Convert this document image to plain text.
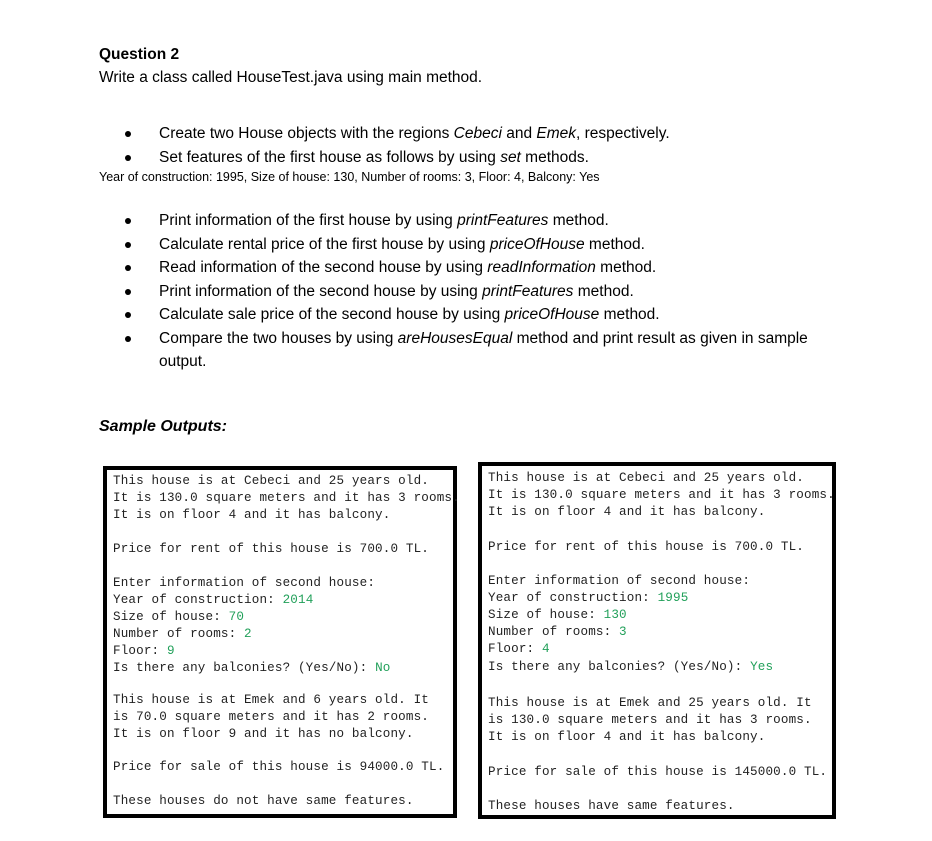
Question 2
Write a class called HouseTest.java using main method.
Create two House objects with the regions Cebeci and Emek, respectively.
Set features of the first house as follows by using set methods.
Year of construction: 1995, Size of house: 130, Number of rooms: 3, Floor: 4, Balcony: Yes
Print information of the first house by using printFeatures method.
Calculate rental price of the first house by using priceOfHouse method.
Read information of the second house by using readInformation method.
Print information of the second house by using printFeatures method.
Calculate sale price of the second house by using priceOfHouse method.
Compare the two houses by using areHousesEqual method and print result as given in sample output.
Sample Outputs:
This house is at Cebeci and 25 years old.
It is 130.0 square meters and it has 3 rooms.
It is on floor 4 and it has balcony.
Price for rent of this house is 700.0 TL.
Enter information of second house:
Year of construction: 2014
Size of house: 70
Number of rooms: 2
Floor: 9
Is there any balconies? (Yes/No): No
This house is at Emek and 6 years old. It
is 70.0 square meters and it has 2 rooms.
It is on floor 9 and it has no balcony.
Price for sale of this house is 94000.0 TL.
These houses do not have same features.
This house is at Cebeci and 25 years old.
It is 130.0 square meters and it has 3 rooms.
It is on floor 4 and it has balcony.
Price for rent of this house is 700.0 TL.
Enter information of second house:
Year of construction: 1995
Size of house: 130
Number of rooms: 3
Floor: 4
Is there any balconies? (Yes/No): Yes
This house is at Emek and 25 years old. It
is 130.0 square meters and it has 3 rooms.
It is on floor 4 and it has balcony.
Price for sale of this house is 145000.0 TL.
These houses have same features.
